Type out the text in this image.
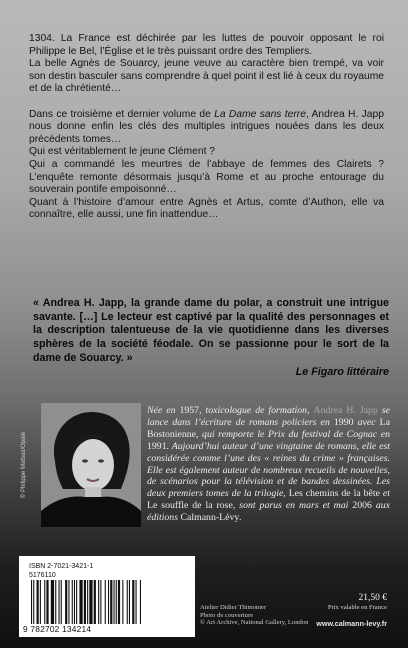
1304. La France est déchirée par les luttes de pouvoir opposant le roi Philippe le Bel, l’Église et le très puissant ordre des Templiers.

La belle Agnès de Souarcy, jeune veuve au caractère bien trempé, va voir son destin basculer sans comprendre à quel point il est lié à ceux du royaume et de la chrétienté…

Dans ce troisième et dernier volume de La Dame sans terre, Andrea H. Japp nous donne enfin les clés des multiples intrigues nouées dans les deux précédents tomes…

Qui est véritablement le jeune Clément ?

Qui a commandé les meurtres de l’abbaye de femmes des Clairets ? L’enquête remonte désormais jusqu’à Rome et au proche entourage du souverain pontife empoisonné…

Quant à l’histoire d’amour entre Agnès et Artus, comte d’Authon, elle va connaître, elle aussi, une fin inattendue…

« Andrea H. Japp, la grande dame du polar, a construit une intrigue savante. […] Le lecteur est captivé par la qualité des personnages et la description talentueuse de la vie quotidienne dans les diverses sphères de la société féodale. On se passionne pour le sort de la dame de Souarcy. »
Le Figaro littéraire
© Philippe Matsas/Opale
Née en 1957, toxicologue de formation, Andrea H. Japp se lance dans l’écriture de romans policiers en 1990 avec La Bostonienne, qui remporte le Prix du festival de Cognac en 1991. Aujourd’hui auteur d’une vingtaine de romans, elle est considérée comme l’une des « reines du crime » françaises. Elle est également auteur de nombreux recueils de nouvelles, de scénarios pour la télévision et de bandes dessinées. Les deux premiers tomes de la trilogie, Les chemins de la bête et Le souffle de la rose, sont parus en mars et mai 2006 aux éditions Calmann-Lévy.
ISBN 2-7021-3421-1
5176110
9 782702 134214
Atelier Didier Thimonier
Photo de couverture
© Art Archive, National Gallery, London
21,50 €
Prix valable en France
www.calmann-levy.fr
